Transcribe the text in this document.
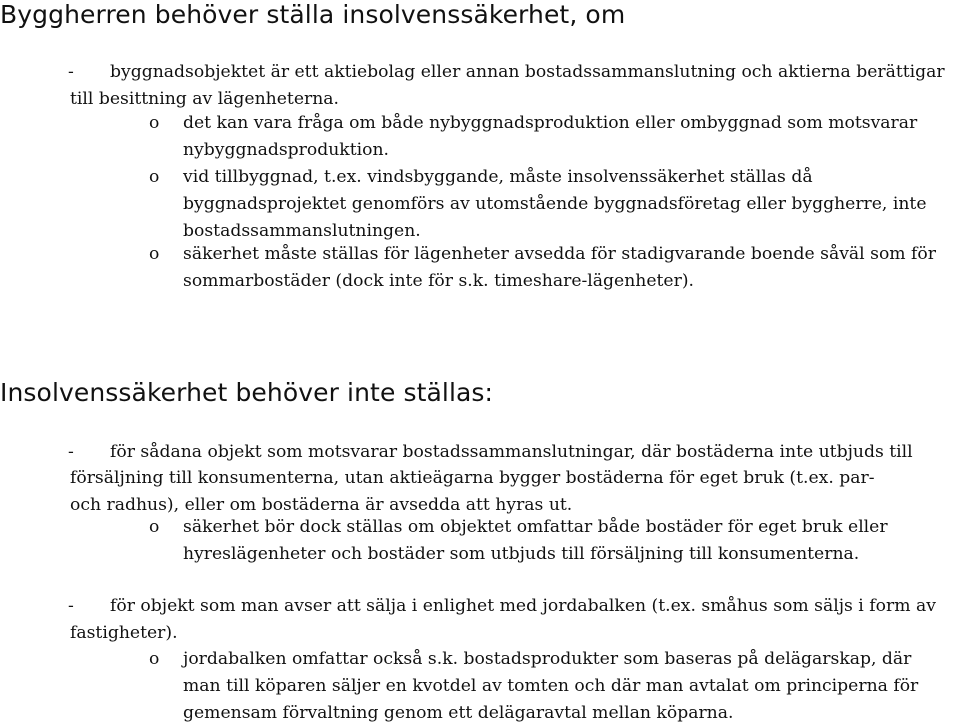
Byggherren behöver ställa insolvenssäkerhet, om
- byggnadsobjektet är ett aktiebolag eller annan bostadssammanslutning och aktierna berättigar
till besittning av lägenheterna.
o det kan vara fråga om både nybyggnadsproduktion eller ombyggnad som motsvarar
nybyggnadsproduktion.
o vid tillbyggnad, t.ex. vindsbyggande, måste insolvenssäkerhet ställas då
byggnadsprojektet genomförs av utomstående byggnadsföretag eller byggherre, inte
bostadssammanslutningen.
o säkerhet måste ställas för lägenheter avsedda för stadigvarande boende såväl som för
sommarbostäder (dock inte för s.k. timeshare-lägenheter).
Insolvenssäkerhet behöver inte ställas:
- för sådana objekt som motsvarar bostadssammanslutningar, där bostäderna inte utbjuds till
försäljning till konsumenterna, utan aktieägarna bygger bostäderna för eget bruk (t.ex. par-
och radhus), eller om bostäderna är avsedda att hyras ut.
o säkerhet bör dock ställas om objektet omfattar både bostäder för eget bruk eller
hyreslägenheter och bostäder som utbjuds till försäljning till konsumenterna.
- för objekt som man avser att sälja i enlighet med jordabalken (t.ex. småhus som säljs i form av
fastigheter).
o jordabalken omfattar också s.k. bostadsprodukter som baseras på delägarskap, där
man till köparen säljer en kvotdel av tomten och där man avtalat om principerna för
gemensam förvaltning genom ett delägaravtal mellan köparna.
